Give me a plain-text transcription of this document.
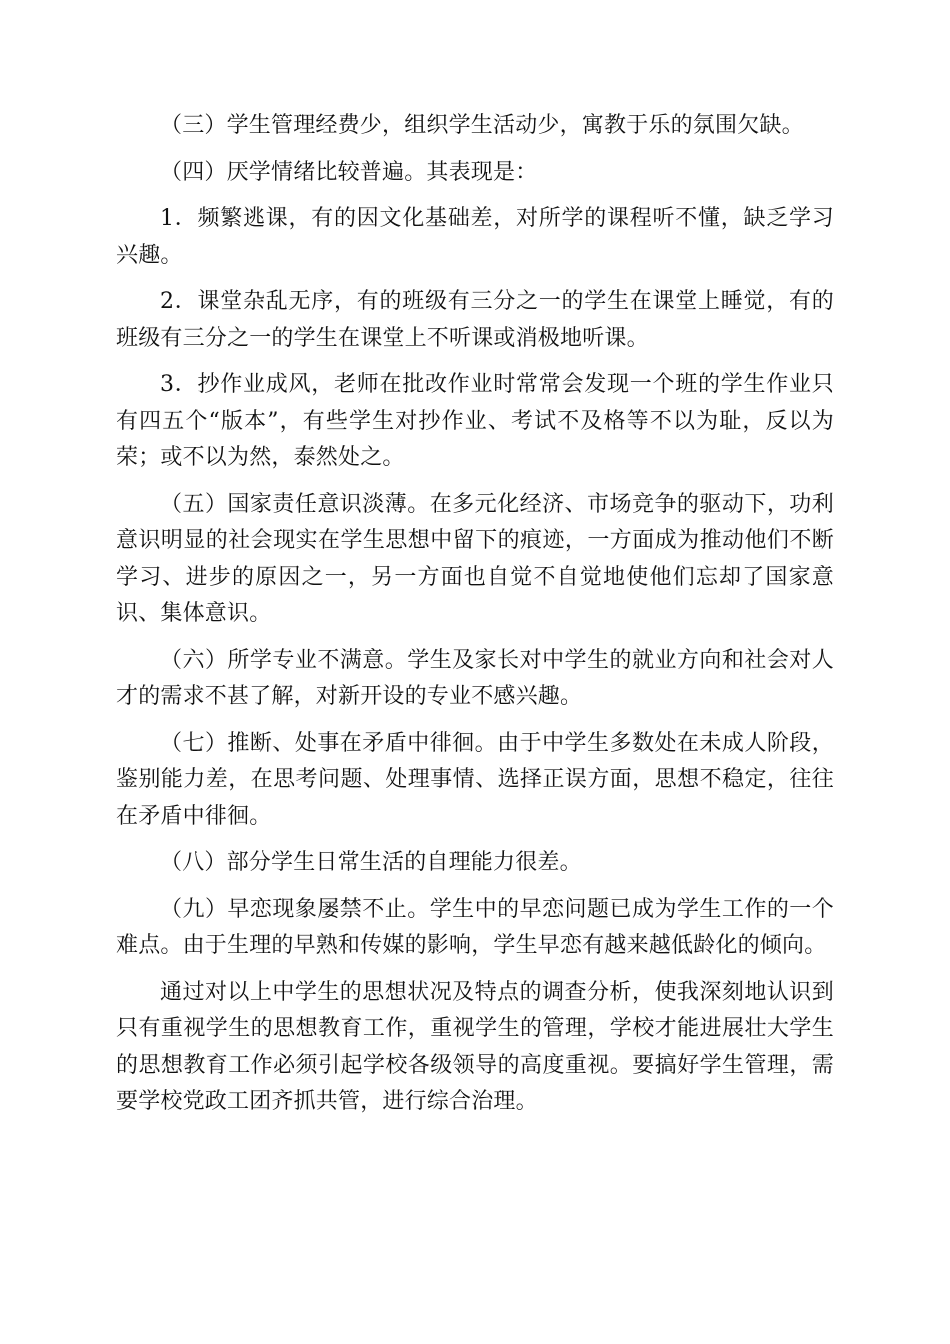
（三）学生管理经费少，组织学生活动少，寓教于乐的氛围欠缺。

（四）厌学情绪比较普遍。其表现是：

1．频繁逃课，有的因文化基础差，对所学的课程听不懂，缺乏学习兴趣。

2．课堂杂乱无序，有的班级有三分之一的学生在课堂上睡觉，有的班级有三分之一的学生在课堂上不听课或消极地听课。

3．抄作业成风，老师在批改作业时常常会发现一个班的学生作业只有四五个“版本”，有些学生对抄作业、考试不及格等不以为耻，反以为荣；或不以为然，泰然处之。

（五）国家责任意识淡薄。在多元化经济、市场竞争的驱动下，功利意识明显的社会现实在学生思想中留下的痕迹，一方面成为推动他们不断学习、进步的原因之一，另一方面也自觉不自觉地使他们忘却了国家意识、集体意识。

（六）所学专业不满意。学生及家长对中学生的就业方向和社会对人才的需求不甚了解，对新开设的专业不感兴趣。

（七）推断、处事在矛盾中徘徊。由于中学生多数处在未成人阶段，鉴别能力差，在思考问题、处理事情、选择正误方面，思想不稳定，往往在矛盾中徘徊。

（八）部分学生日常生活的自理能力很差。

（九）早恋现象屡禁不止。学生中的早恋问题已成为学生工作的一个难点。由于生理的早熟和传媒的影响，学生早恋有越来越低龄化的倾向。

通过对以上中学生的思想状况及特点的调查分析，使我深刻地认识到只有重视学生的思想教育工作，重视学生的管理，学校才能进展壮大学生的思想教育工作必须引起学校各级领导的高度重视。要搞好学生管理，需要学校党政工团齐抓共管，进行综合治理。
